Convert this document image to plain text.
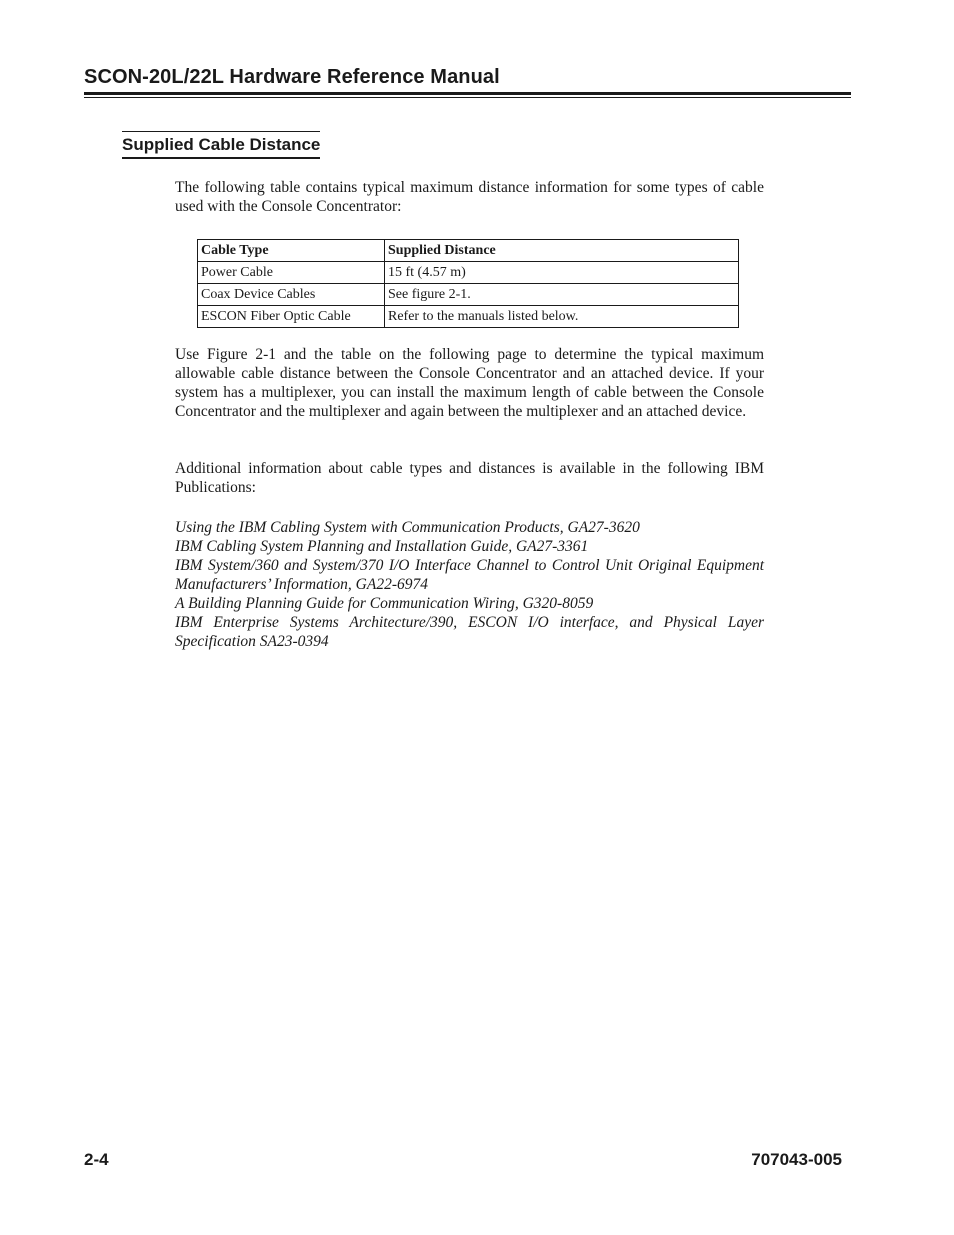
SCON-20L/22L Hardware Reference Manual
Supplied Cable Distance

The following table contains typical maximum distance information for some types of cable used with the Console Concentrator:

Cable Type	Supplied Distance
Power Cable	15 ft (4.57 m)
Coax Device Cables	See figure 2-1.
ESCON Fiber Optic Cable	Refer to the manuals listed below.

Use Figure 2-1 and the table on the following page to determine the typical maximum allowable cable distance between the Console Concentrator and an attached device. If your system has a multiplexer, you can install the maximum length of cable between the Console Concentrator and the multiplexer and again between the multiplexer and an attached device.

Additional information about cable types and distances is available in the following IBM Publications:

Using the IBM Cabling System with Communication Products, GA27-3620
IBM Cabling System Planning and Installation Guide, GA27-3361
IBM System/360 and System/370 I/O Interface Channel to Control Unit Original Equipment Manufacturers’ Information, GA22-6974
A Building Planning Guide for Communication Wiring, G320-8059
IBM Enterprise Systems Architecture/390, ESCON I/O interface, and Physical Layer Specification SA23-0394
2-4	707043-005
